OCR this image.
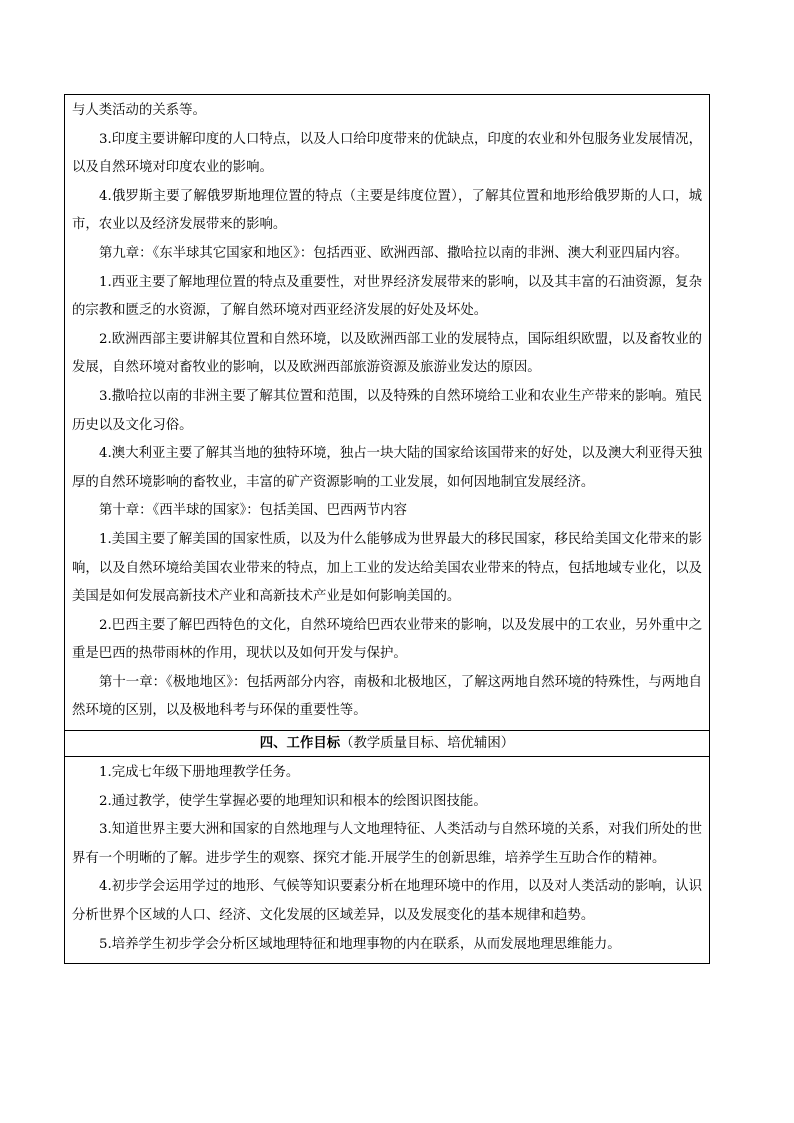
与人类活动的关系等。

3.印度主要讲解印度的人口特点，以及人口给印度带来的优缺点，印度的农业和外包服务业发展情况，以及自然环境对印度农业的影响。

4.俄罗斯主要了解俄罗斯地理位置的特点（主要是纬度位置），了解其位置和地形给俄罗斯的人口，城市，农业以及经济发展带来的影响。

第九章：《东半球其它国家和地区》：包括西亚、欧洲西部、撒哈拉以南的非洲、澳大利亚四届内容。

1.西亚主要了解地理位置的特点及重要性，对世界经济发展带来的影响，以及其丰富的石油资源，复杂的宗教和匮乏的水资源，了解自然环境对西亚经济发展的好处及坏处。

2.欧洲西部主要讲解其位置和自然环境，以及欧洲西部工业的发展特点，国际组织欧盟，以及畜牧业的发展，自然环境对畜牧业的影响，以及欧洲西部旅游资源及旅游业发达的原因。

3.撒哈拉以南的非洲主要了解其位置和范围，以及特殊的自然环境给工业和农业生产带来的影响。殖民历史以及文化习俗。

4.澳大利亚主要了解其当地的独特环境，独占一块大陆的国家给该国带来的好处，以及澳大利亚得天独厚的自然环境影响的畜牧业，丰富的矿产资源影响的工业发展，如何因地制宜发展经济。

第十章：《西半球的国家》：包括美国、巴西两节内容

1.美国主要了解美国的国家性质，以及为什么能够成为世界最大的移民国家，移民给美国文化带来的影响，以及自然环境给美国农业带来的特点，加上工业的发达给美国农业带来的特点，包括地域专业化，以及美国是如何发展高新技术产业和高新技术产业是如何影响美国的。

2.巴西主要了解巴西特色的文化，自然环境给巴西农业带来的影响，以及发展中的工农业，另外重中之重是巴西的热带雨林的作用，现状以及如何开发与保护。

第十一章：《极地地区》：包括两部分内容，南极和北极地区，了解这两地自然环境的特殊性，与两地自然环境的区别，以及极地科考与环保的重要性等。

四、工作目标（教学质量目标、培优辅困）

1.完成七年级下册地理教学任务。

2.通过教学，使学生掌握必要的地理知识和根本的绘图识图技能。

3.知道世界主要大洲和国家的自然地理与人文地理特征、人类活动与自然环境的关系，对我们所处的世界有一个明晰的了解。进步学生的观察、探究才能.开展学生的创新思维，培养学生互助合作的精神。

4.初步学会运用学过的地形、气候等知识要素分析在地理环境中的作用，以及对人类活动的影响，认识分析世界个区域的人口、经济、文化发展的区域差异，以及发展变化的基本规律和趋势。

5.培养学生初步学会分析区域地理特征和地理事物的内在联系，从而发展地理思维能力。
